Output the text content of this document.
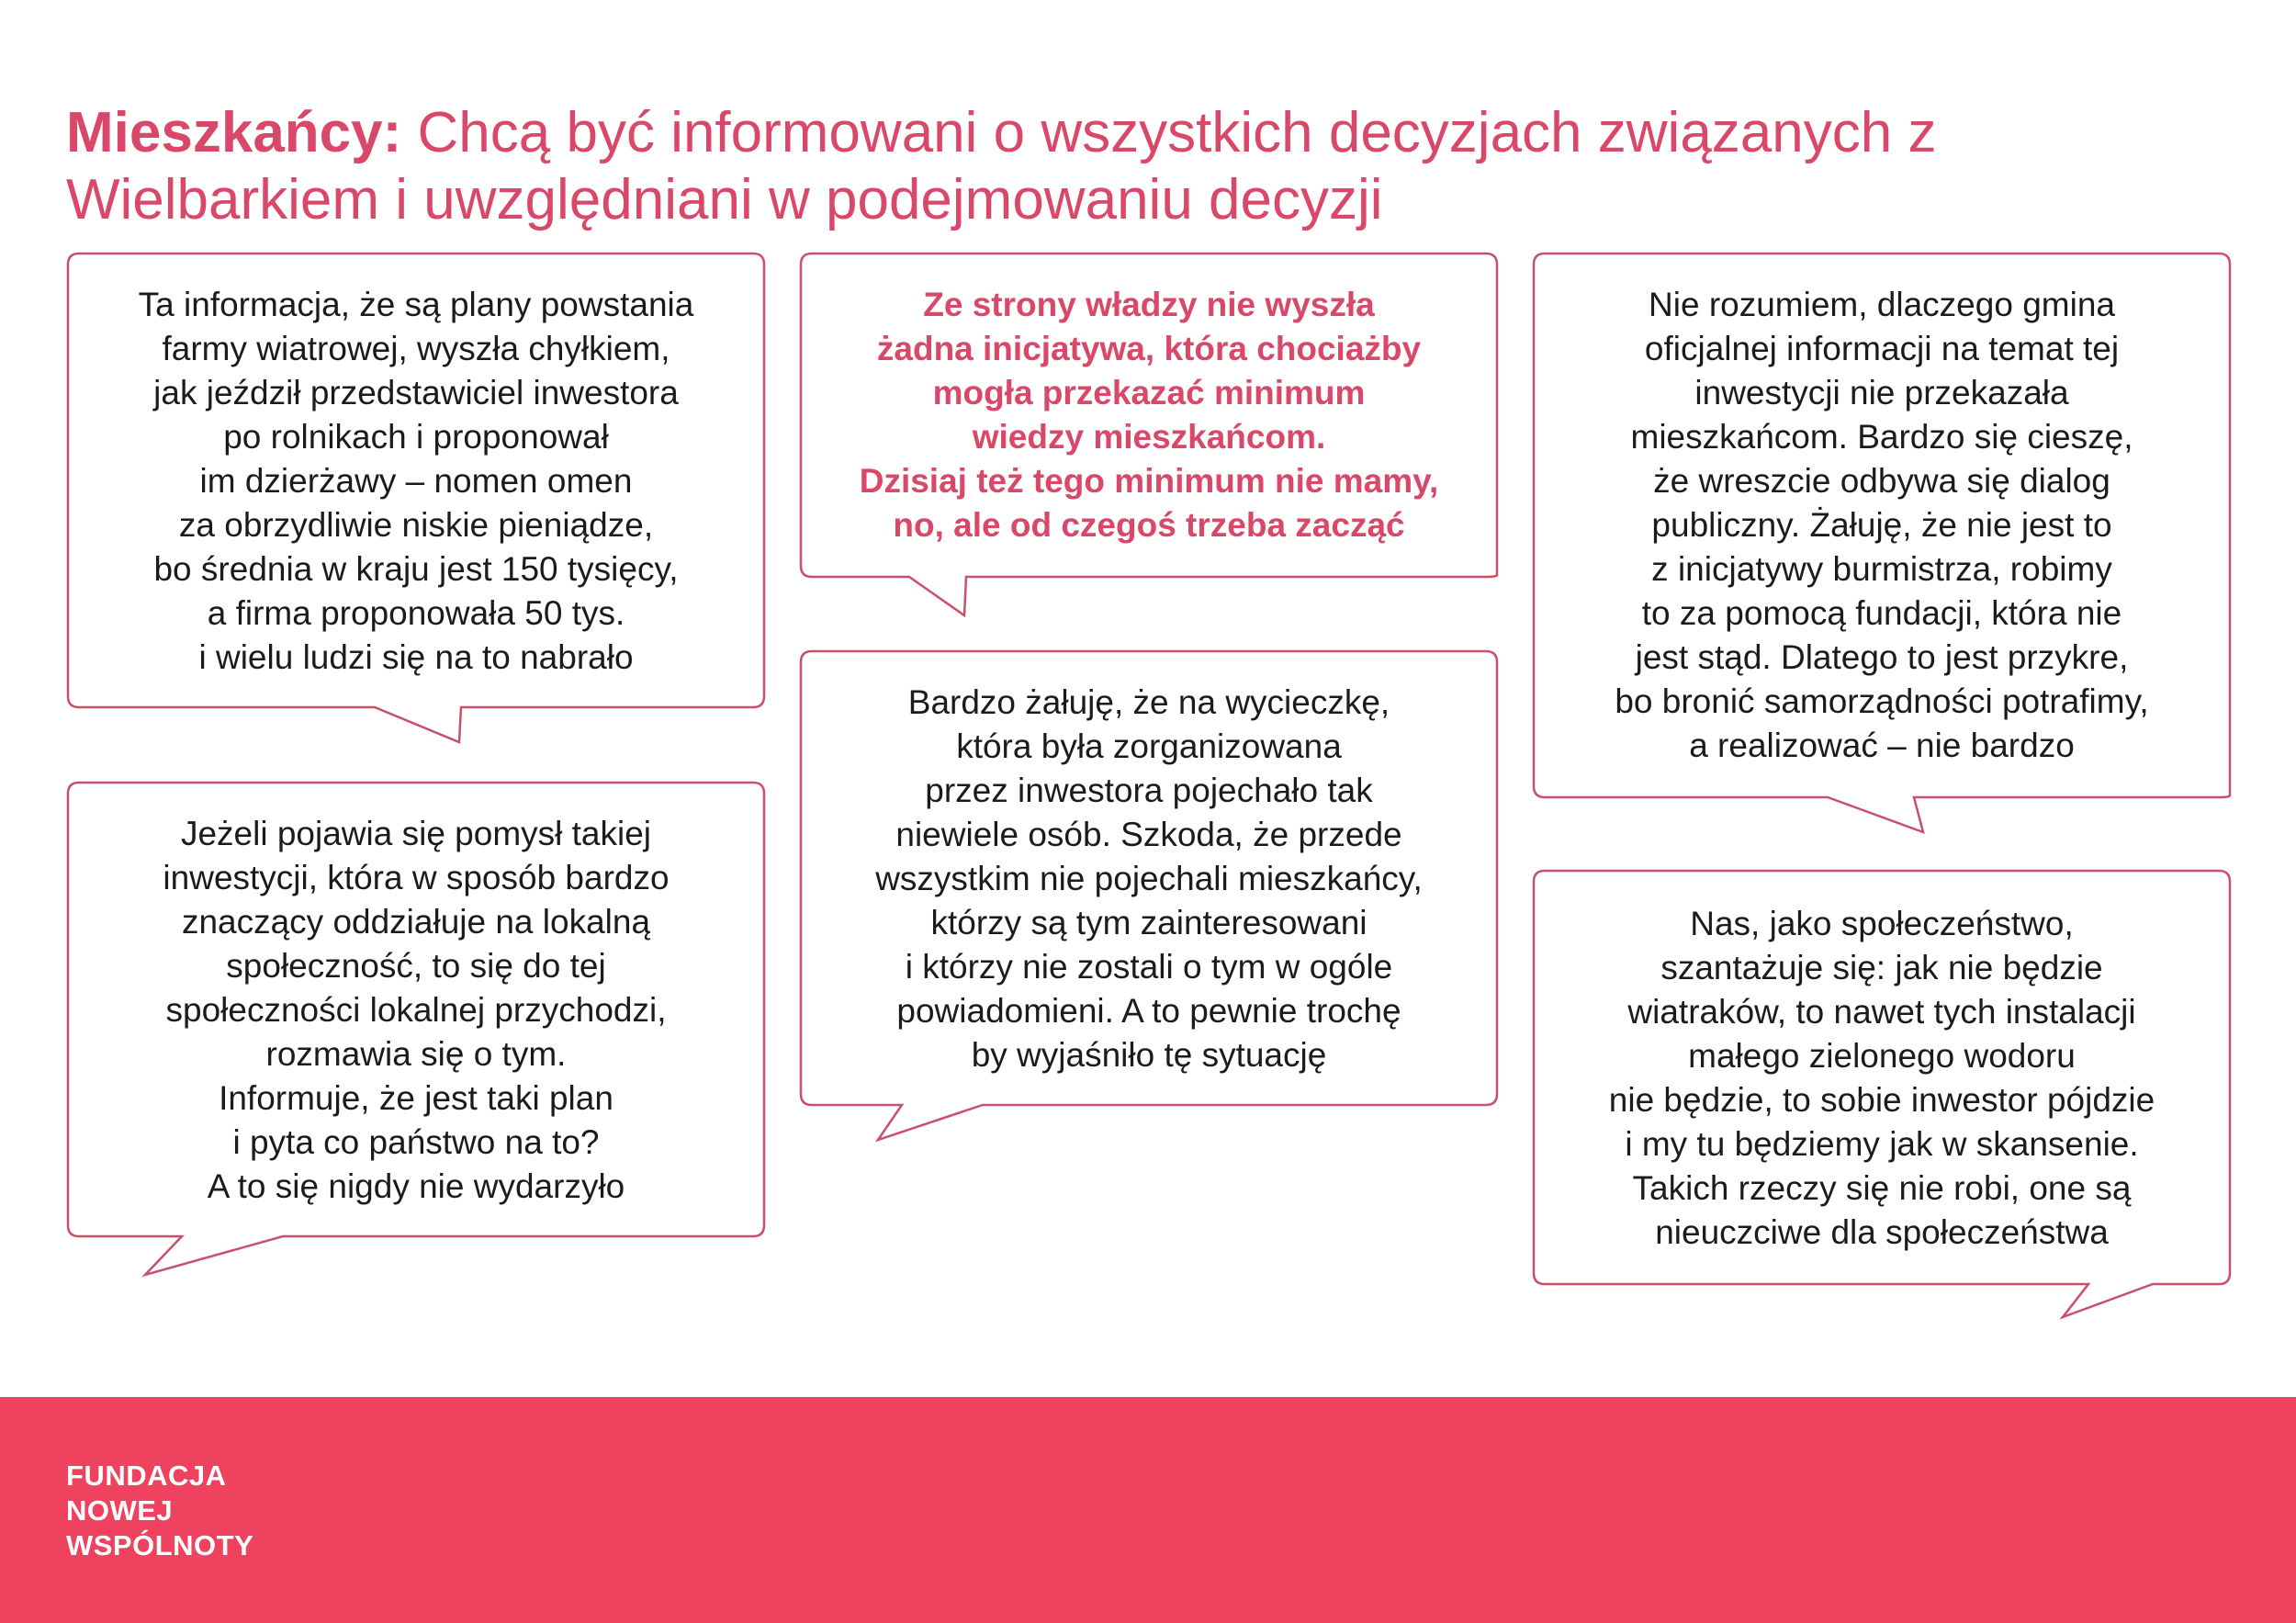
Mieszkańcy: Chcą być informowani o wszystkich decyzjach związanych z Wielbarkiem i uwzględniani w podejmowaniu decyzji
Ta informacja, że są plany powstania
farmy wiatrowej, wyszła chyłkiem,
jak jeździł przedstawiciel inwestora
po rolnikach i proponował
im dzierżawy – nomen omen
za obrzydliwie niskie pieniądze,
bo średnia w kraju jest 150 tysięcy,
a firma proponowała 50 tys.
i wielu ludzi się na to nabrało
Jeżeli pojawia się pomysł takiej
inwestycji, która w sposób bardzo
znaczący oddziałuje na lokalną
społeczność, to się do tej
społeczności lokalnej przychodzi,
rozmawia się o tym.
Informuje, że jest taki plan
i pyta co państwo na to?
A to się nigdy nie wydarzyło
Ze strony władzy nie wyszła
żadna inicjatywa, która chociażby
mogła przekazać minimum
wiedzy mieszkańcom.
Dzisiaj też tego minimum nie mamy,
no, ale od czegoś trzeba zacząć
Bardzo żałuję, że na wycieczkę,
która była zorganizowana
przez inwestora pojechało tak
niewiele osób. Szkoda, że przede
wszystkim nie pojechali mieszkańcy,
którzy są tym zainteresowani
i którzy nie zostali o tym w ogóle
powiadomieni. A to pewnie trochę
by wyjaśniło tę sytuację
Nie rozumiem, dlaczego gmina
oficjalnej informacji na temat tej
inwestycji nie przekazała
mieszkańcom. Bardzo się cieszę,
że wreszcie odbywa się dialog
publiczny. Żałuję, że nie jest to
z inicjatywy burmistrza, robimy
to za pomocą fundacji, która nie
jest stąd. Dlatego to jest przykre,
bo bronić samorządności potrafimy,
a realizować – nie bardzo
Nas, jako społeczeństwo,
szantażuje się: jak nie będzie
wiatraków, to nawet tych instalacji
małego zielonego wodoru
nie będzie, to sobie inwestor pójdzie
i my tu będziemy jak w skansenie.
Takich rzeczy się nie robi, one są
nieuczciwe dla społeczeństwa
FUNDACJA
NOWEJ
WSPÓLNOTY
